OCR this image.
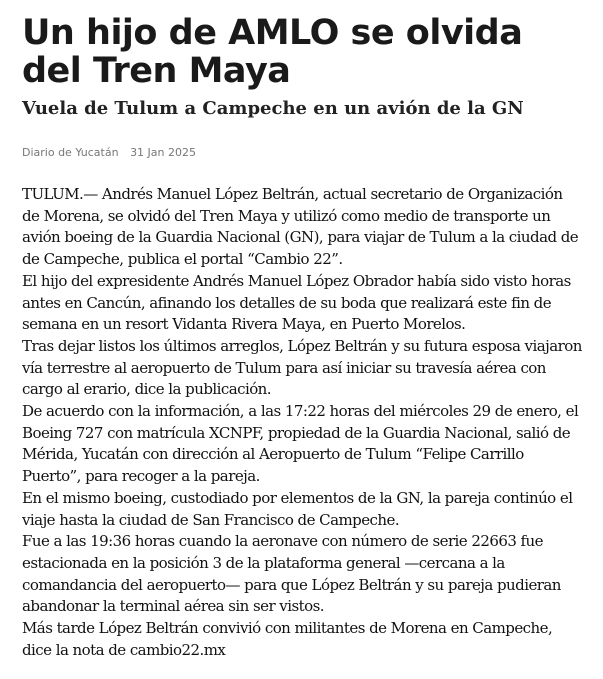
Un hijo de AMLO se olvida del Tren Maya
Vuela de Tulum a Campeche en un avión de la GN
Diario de Yucatán 31 Jan 2025

TULUM.— Andrés Manuel López Beltrán, actual secretario de Organización de Morena, se olvidó del Tren Maya y utilizó como medio de transporte un avión boeing de la Guardia Nacional (GN), para viajar de Tulum a la ciudad de de Campeche, publica el portal “Cambio 22”.

El hijo del expresidente Andrés Manuel López Obrador había sido visto horas antes en Cancún, afinando los detalles de su boda que realizará este fin de semana en un resort Vidanta Rivera Maya, en Puerto Morelos.

Tras dejar listos los últimos arreglos, López Beltrán y su futura esposa viajaron vía terrestre al aeropuerto de Tulum para así iniciar su travesía aérea con cargo al erario, dice la publicación.

De acuerdo con la información, a las 17:22 horas del miércoles 29 de enero, el Boeing 727 con matrícula XCNPF, propiedad de la Guardia Nacional, salió de Mérida, Yucatán con dirección al Aeropuerto de Tulum “Felipe Carrillo Puerto”, para recoger a la pareja.

En el mismo boeing, custodiado por elementos de la GN, la pareja continúo el viaje hasta la ciudad de San Francisco de Campeche.

Fue a las 19:36 horas cuando la aeronave con número de serie 22663 fue estacionada en la posición 3 de la plataforma general —cercana a la comandancia del aeropuerto— para que López Beltrán y su pareja pudieran abandonar la terminal aérea sin ser vistos.

Más tarde López Beltrán convivió con militantes de Morena en Campeche, dice la nota de cambio22.mx
